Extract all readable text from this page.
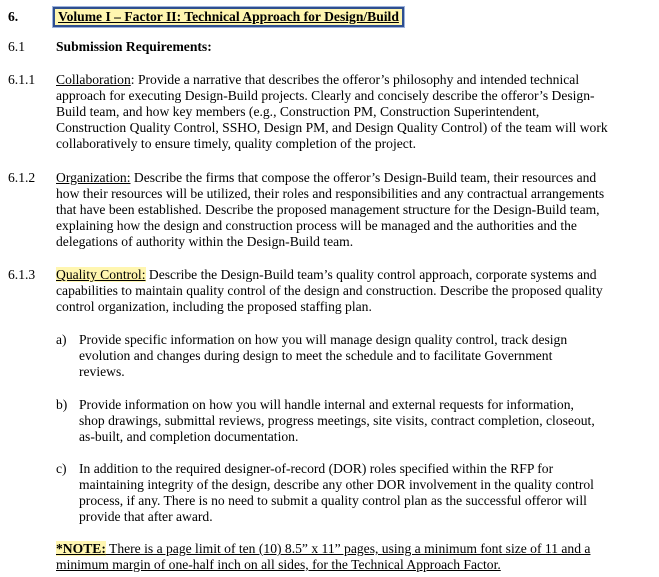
6.	Volume I – Factor II: Technical Approach for Design/Build
6.1 Submission Requirements:
6.1.1 Collaboration: Provide a narrative that describes the offeror’s philosophy and intended technical approach for executing Design-Build projects. Clearly and concisely describe the offeror’s Design-Build team, and how key members (e.g., Construction PM, Construction Superintendent, Construction Quality Control, SSHO, Design PM, and Design Quality Control) of the team will work collaboratively to ensure timely, quality completion of the project.
6.1.2 Organization: Describe the firms that compose the offeror’s Design-Build team, their resources and how their resources will be utilized, their roles and responsibilities and any contractual arrangements that have been established. Describe the proposed management structure for the Design-Build team, explaining how the design and construction process will be managed and the authorities and the delegations of authority within the Design-Build team.
6.1.3 Quality Control: Describe the Design-Build team’s quality control approach, corporate systems and capabilities to maintain quality control of the design and construction. Describe the proposed quality control organization, including the proposed staffing plan.
a) Provide specific information on how you will manage design quality control, track design evolution and changes during design to meet the schedule and to facilitate Government reviews.
b) Provide information on how you will handle internal and external requests for information, shop drawings, submittal reviews, progress meetings, site visits, contract completion, closeout, as-built, and completion documentation.
c) In addition to the required designer-of-record (DOR) roles specified within the RFP for maintaining integrity of the design, describe any other DOR involvement in the quality control process, if any. There is no need to submit a quality control plan as the successful offeror will provide that after award.
*NOTE: There is a page limit of ten (10) 8.5” x 11” pages, using a minimum font size of 11 and a minimum margin of one-half inch on all sides, for the Technical Approach Factor.
